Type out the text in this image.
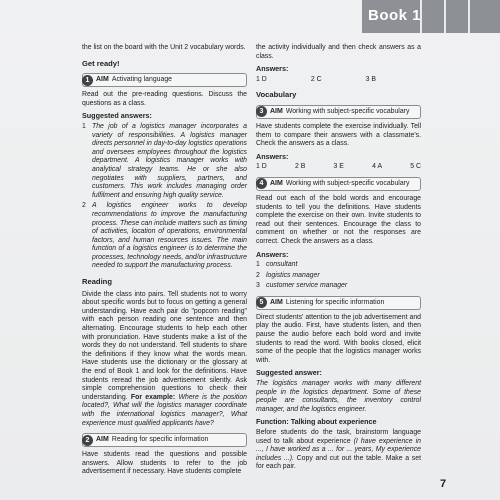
Book 1

the list on the board with the Unit 2 vocabulary words.

Get ready!
1 AIM Activating language

Read out the pre-reading questions. Discuss the questions as a class.

Suggested answers:
1 The job of a logistics manager incorporates a variety of responsibilities. A logistics manager directs personnel in day-to-day logistics operations and oversees employees throughout the logistics department. A logistics manager works with analytical strategy teams. He or she also negotiates with suppliers, partners, and customers. This work includes managing order fulfilment and ensuring high quality service.
2 A logistics engineer works to develop recommendations to improve the manufacturing process. These can include matters such as timing of activities, location of operations, environmental factors, and human resources issues. The main function of a logistics engineer is to determine the processes, technology needs, and/or infrastructure needed to support the manufacturing process.
Reading

Divide the class into pairs. Tell students not to worry about specific words but to focus on getting a general understanding. Have each pair do "popcorn reading" with each person reading one sentence and then alternating. Encourage students to help each other with pronunciation. Have students make a list of the words they do not understand. Tell students to share the definitions if they know what the words mean. Have students use the dictionary or the glossary at the end of Book 1 and look for the definitions. Have students reread the job advertisement silently. Ask simple comprehension questions to check their understanding. For example: Where is the position located?, What will the logistics manager coordinate with the international logistics manager?, What experience must qualified applicants have?

2 AIM Reading for specific information

Have students read the questions and possible answers. Allow students to refer to the job advertisement if necessary. Have students complete

the activity individually and then check answers as a class.

Answers:
1 D	2 C	3 B
Vocabulary
3 AIM Working with subject-specific vocabulary

Have students complete the exercise individually. Tell them to compare their answers with a classmate's. Check the answers as a class.

Answers:
1 D	2 B	3 E	4 A	5 C
4 AIM Working with subject-specific vocabulary

Read out each of the bold words and encourage students to tell you the definitions. Have students complete the exercise on their own. Invite students to read out their sentences. Encourage the class to comment on whether or not the responses are correct. Check the answers as a class.

Answers:
1 consultant
2 logistics manager
3 customer service manager
5 AIM Listening for specific information

Direct students' attention to the job advertisement and play the audio. First, have students listen, and then pause the audio before each bold word and invite students to read the word. With books closed, elicit some of the people that the logistics manager works with.

Suggested answer:

The logistics manager works with many different people in the logistics department. Some of these people are consultants, the inventory control manager, and the logistics engineer.

Function: Talking about experience

Before students do the task, brainstorm language used to talk about experience (I have experience in ..., I have worked as a ... for ... years, My experience includes ...). Copy and cut out the table. Make a set for each pair.

7
